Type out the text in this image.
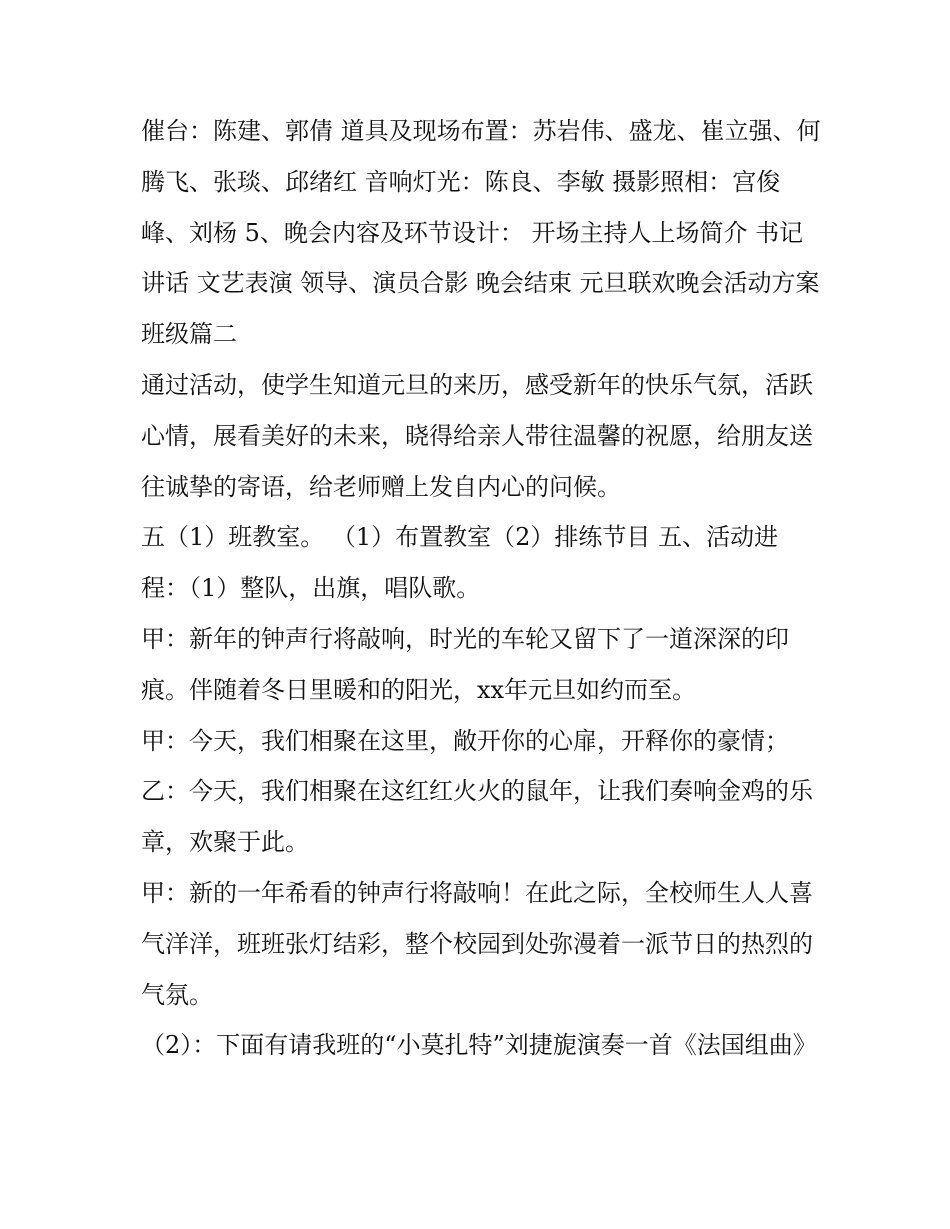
催台：陈建、郭倩 道具及现场布置：苏岩伟、盛龙、崔立强、何腾飞、张琰、邱绪红 音响灯光：陈良、李敏 摄影照相：宫俊峰、刘杨 5、晚会内容及环节设计： 开场主持人上场简介 书记讲话 文艺表演 领导、演员合影 晚会结束 元旦联欢晚会活动方案班级篇二

通过活动，使学生知道元旦的来历，感受新年的快乐气氛，活跃心情，展看美好的未来，晓得给亲人带往温馨的祝愿，给朋友送往诚挚的寄语，给老师赠上发自内心的问候。

五（1）班教室。 （1）布置教室（2）排练节目 五、活动进程：（1）整队，出旗，唱队歌。

甲：新年的钟声行将敲响，时光的车轮又留下了一道深深的印痕。伴随着冬日里暖和的阳光，xx年元旦如约而至。

甲：今天，我们相聚在这里，敞开你的心扉，开释你的豪情；

乙：今天，我们相聚在这红红火火的鼠年，让我们奏响金鸡的乐章，欢聚于此。

甲：新的一年希看的钟声行将敲响！在此之际，全校师生人人喜气洋洋，班班张灯结彩，整个校园到处弥漫着一派节日的热烈的气氛。

（2）：下面有请我班的“小莫扎特”刘捷旎演奏一首《法国组曲》
